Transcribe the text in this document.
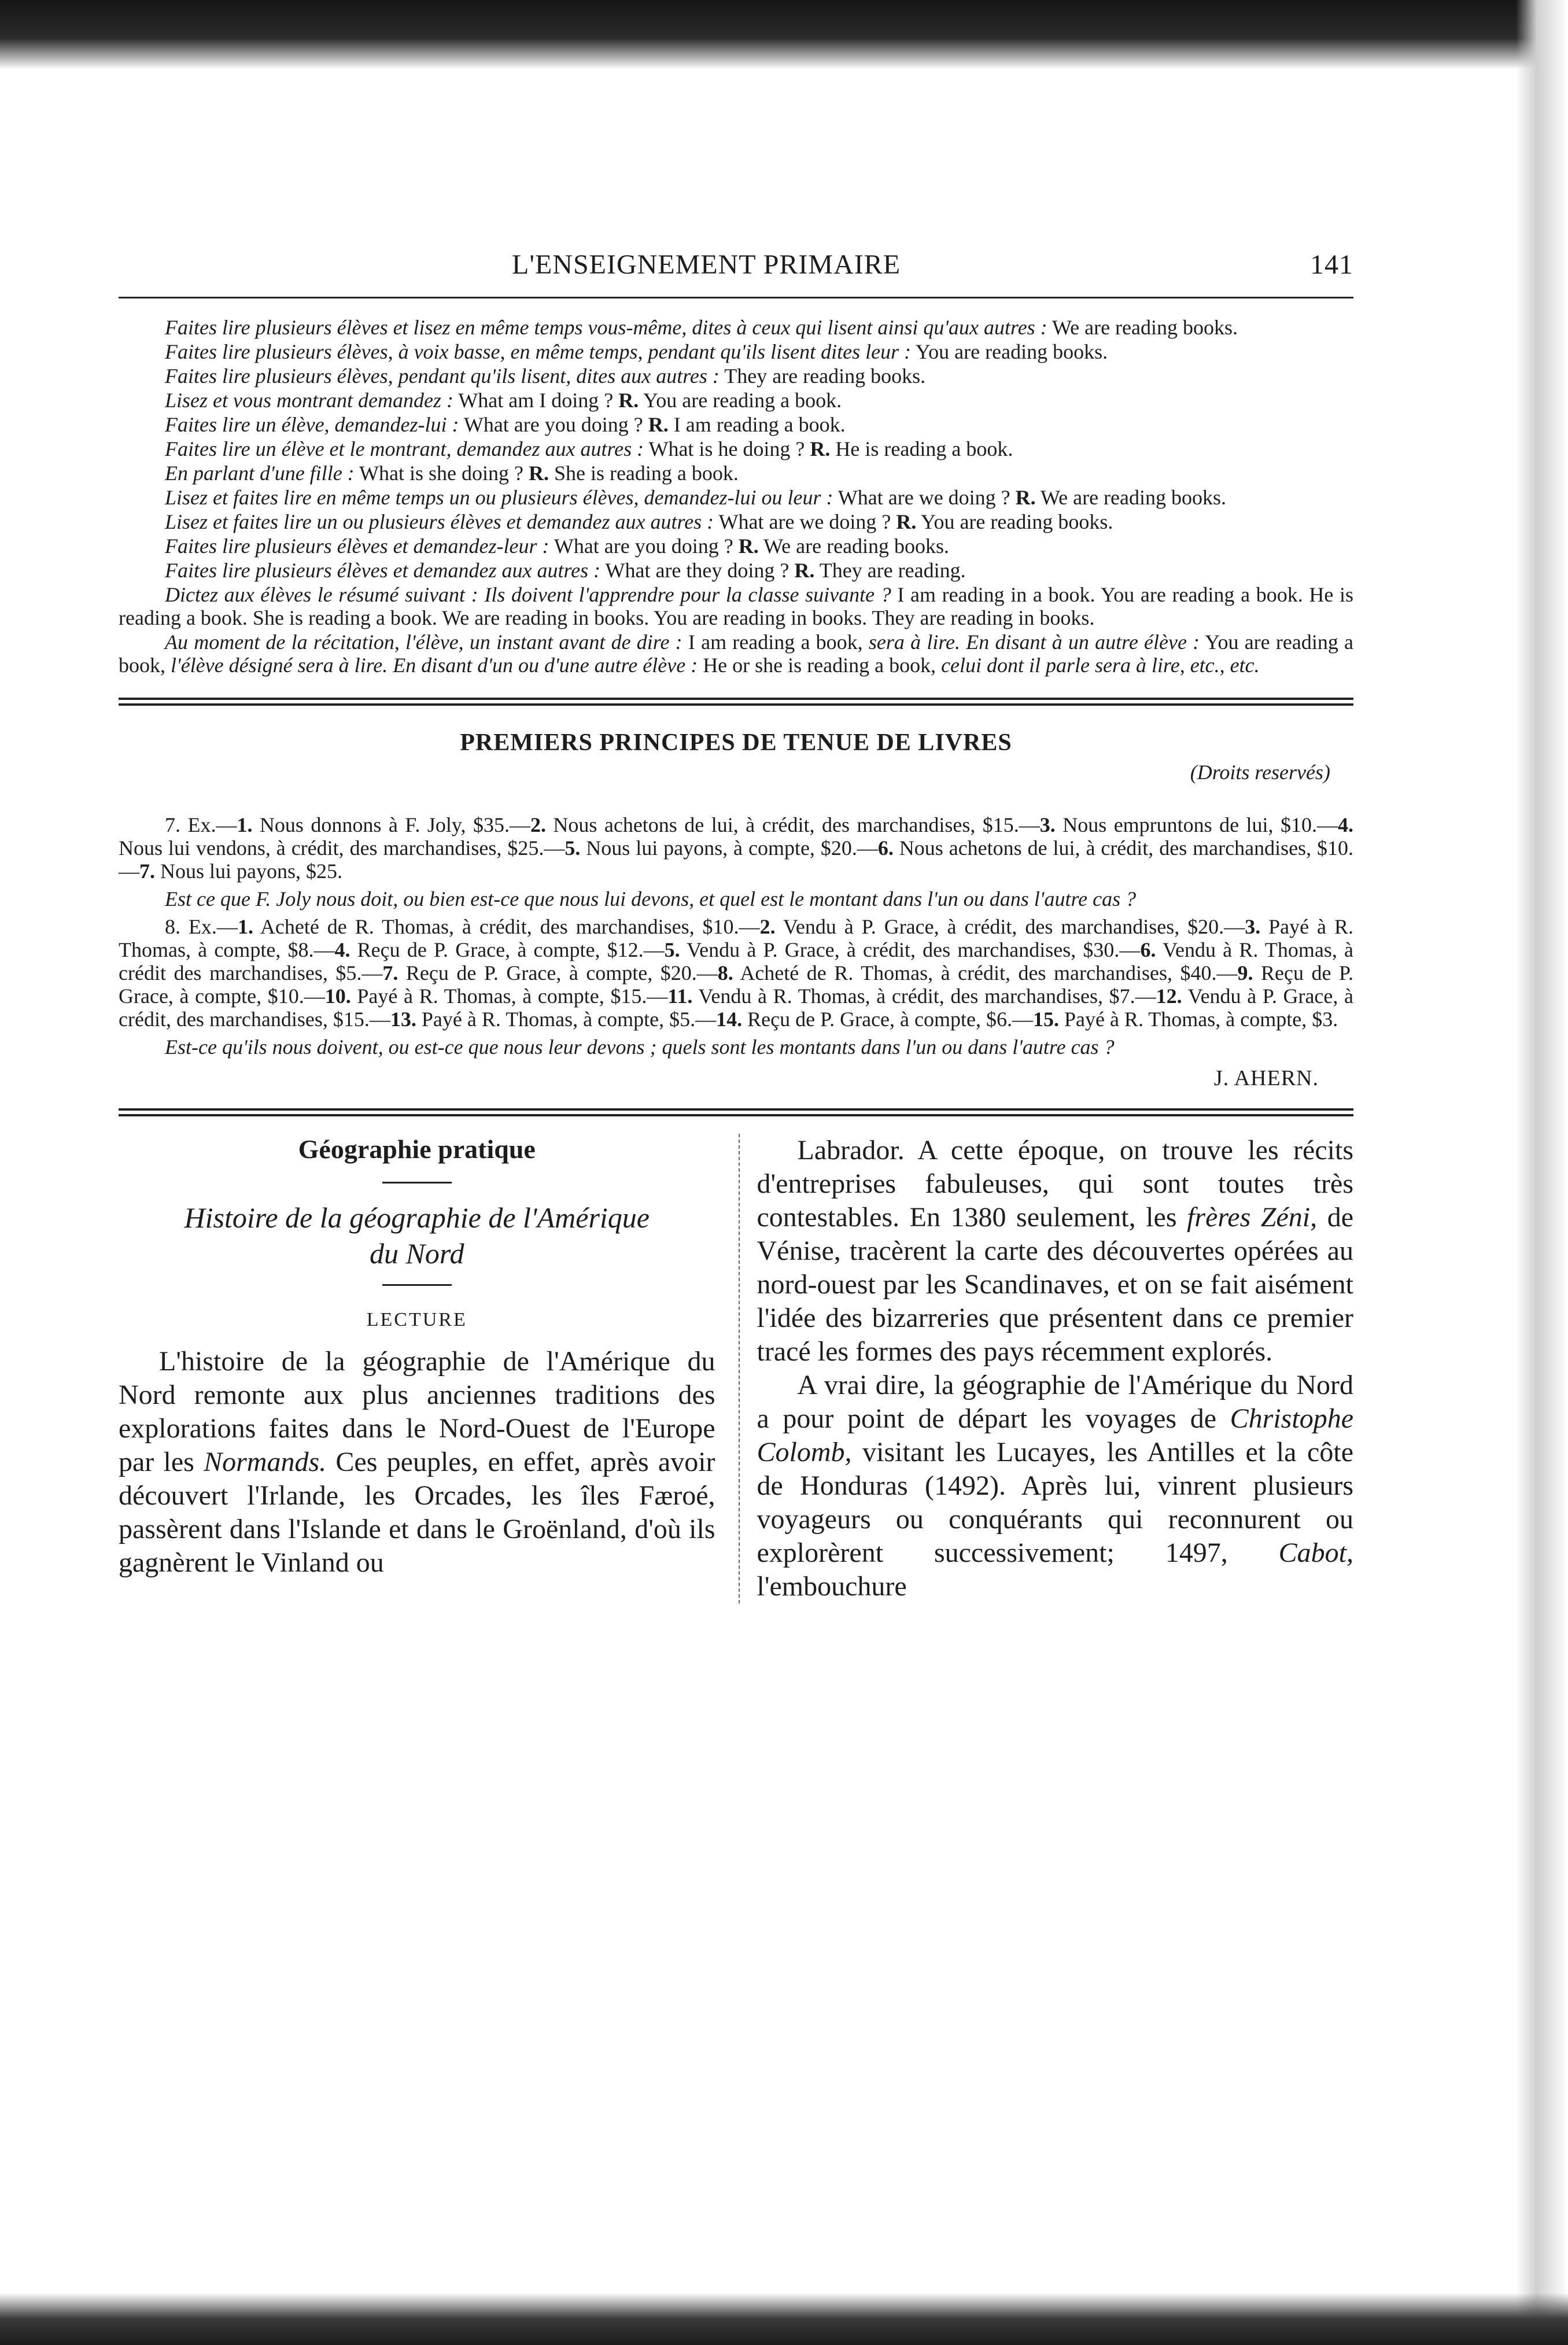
L'ENSEIGNEMENT PRIMAIRE	141

Faites lire plusieurs élèves et lisez en même temps vous-même, dites à ceux qui lisent ainsi qu'aux autres : We are reading books.

Faites lire plusieurs élèves, à voix basse, en même temps, pendant qu'ils lisent dites leur : You are reading books.

Faites lire plusieurs élèves, pendant qu'ils lisent, dites aux autres : They are reading books.

Lisez et vous montrant demandez : What am I doing ? R. You are reading a book.

Faites lire un élève, demandez-lui : What are you doing ? R. I am reading a book.

Faites lire un élève et le montrant, demandez aux autres : What is he doing ? R. He is reading a book.

En parlant d'une fille : What is she doing ? R. She is reading a book.

Lisez et faites lire en même temps un ou plusieurs élèves, demandez-lui ou leur : What are we doing ? R. We are reading books.

Lisez et faites lire un ou plusieurs élèves et demandez aux autres : What are we doing ? R. You are reading books.

Faites lire plusieurs élèves et demandez-leur : What are you doing ? R. We are reading books.

Faites lire plusieurs élèves et demandez aux autres : What are they doing ? R. They are reading.

Dictez aux élèves le résumé suivant : Ils doivent l'apprendre pour la classe suivante ? I am reading in a book. You are reading a book. He is reading a book. She is reading a book. We are reading in books. You are reading in books. They are reading in books.

Au moment de la récitation, l'élève, un instant avant de dire : I am reading a book, sera à lire. En disant à un autre élève : You are reading a book, l'élève désigné sera à lire. En disant d'un ou d'une autre élève : He or she is reading a book, celui dont il parle sera à lire, etc., etc.

PREMIERS PRINCIPES DE TENUE DE LIVRES
(Droits reservés)

7. Ex.—1. Nous donnons à F. Joly, $35.—2. Nous achetons de lui, à crédit, des marchandises, $15.—3. Nous empruntons de lui, $10.—4. Nous lui vendons, à crédit, des marchandises, $25.—5. Nous lui payons, à compte, $20.—6. Nous achetons de lui, à crédit, des marchandises, $10.—7. Nous lui payons, $25.

Est ce que F. Joly nous doit, ou bien est-ce que nous lui devons, et quel est le montant dans l'un ou dans l'autre cas ?

8. Ex.—1. Acheté de R. Thomas, à crédit, des marchandises, $10.—2. Vendu à P. Grace, à crédit, des marchandises, $20.—3. Payé à R. Thomas, à compte, $8.—4. Reçu de P. Grace, à compte, $12.—5. Vendu à P. Grace, à crédit, des marchandises, $30.—6. Vendu à R. Thomas, à crédit des marchandises, $5.—7. Reçu de P. Grace, à compte, $20.—8. Acheté de R. Thomas, à crédit, des marchandises, $40.—9. Reçu de P. Grace, à compte, $10.—10. Payé à R. Thomas, à compte, $15.—11. Vendu à R. Thomas, à crédit, des marchandises, $7.—12. Vendu à P. Grace, à crédit, des marchandises, $15.—13. Payé à R. Thomas, à compte, $5.—14. Reçu de P. Grace, à compte, $6.—15. Payé à R. Thomas, à compte, $3.

Est-ce qu'ils nous doivent, ou est-ce que nous leur devons ; quels sont les montants dans l'un ou dans l'autre cas ?

J. AHERN.
Géographie pratique

Histoire de la géographie de l'Amérique
du Nord

LECTURE

L'histoire de la géographie de l'Amérique du Nord remonte aux plus anciennes traditions des explorations faites dans le Nord-Ouest de l'Europe par les Normands. Ces peuples, en effet, après avoir découvert l'Irlande, les Orcades, les îles Færoé, passèrent dans l'Islande et dans le Groënland, d'où ils gagnèrent le Vinland ou

Labrador. A cette époque, on trouve les récits d'entreprises fabuleuses, qui sont toutes très contestables. En 1380 seulement, les frères Zéni, de Vénise, tracèrent la carte des découvertes opérées au nord-ouest par les Scandinaves, et on se fait aisément l'idée des bizarreries que présentent dans ce premier tracé les formes des pays récemment explorés.

A vrai dire, la géographie de l'Amérique du Nord a pour point de départ les voyages de Christophe Colomb, visitant les Lucayes, les Antilles et la côte de Honduras (1492). Après lui, vinrent plusieurs voyageurs ou conquérants qui reconnurent ou explorèrent successivement; 1497, Cabot, l'embouchure
